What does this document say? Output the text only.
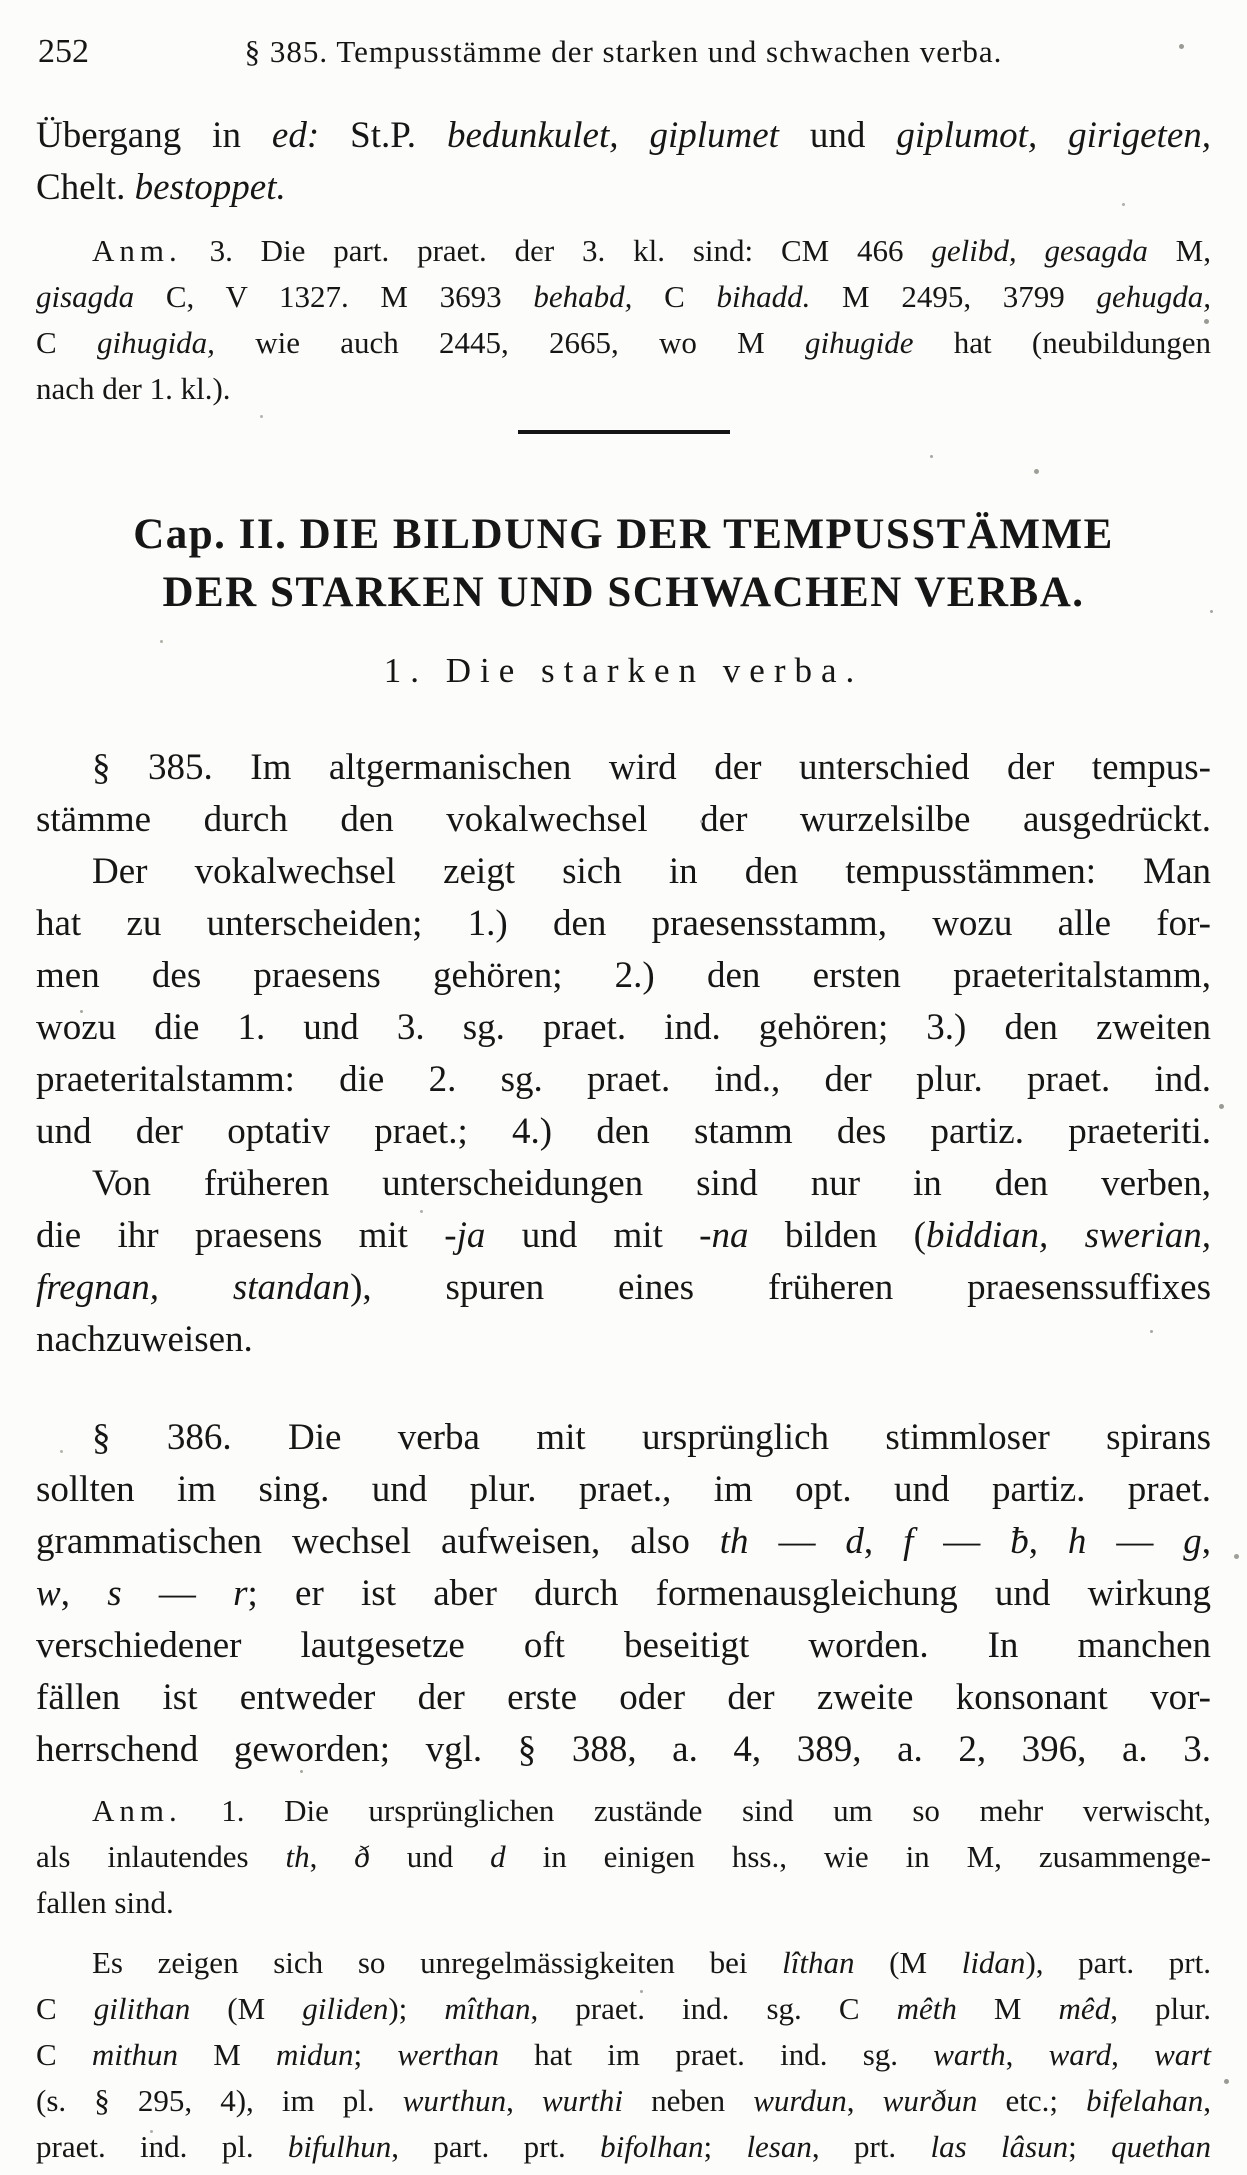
252	§ 385. Tempusstämme der starken und schwachen verba.
Übergang in ed: St.P. bedunkulet, giplumet und giplumot, girigeten,
Chelt. bestoppet.
Anm. 3. Die part. praet. der 3. kl. sind: CM 466 gelibd, gesagda M,
gisagda C, V 1327. M 3693 behabd, C bihadd. M 2495, 3799 gehugda,
C gihugida, wie auch 2445, 2665, wo M gihugide hat (neubildungen
nach der 1. kl.).
Cap. II. DIE BILDUNG DER TEMPUSSTÄMME
DER STARKEN UND SCHWACHEN VERBA.
1. Die starken verba.
§ 385. Im altgermanischen wird der unterschied der tempus-
stämme durch den vokalwechsel der wurzelsilbe ausgedrückt.
Der vokalwechsel zeigt sich in den tempusstämmen: Man
hat zu unterscheiden; 1.) den praesensstamm, wozu alle for-
men des praesens gehören; 2.) den ersten praeteritalstamm,
wozu die 1. und 3. sg. praet. ind. gehören; 3.) den zweiten
praeteritalstamm: die 2. sg. praet. ind., der plur. praet. ind.
und der optativ praet.; 4.) den stamm des partiz. praeteriti.
Von früheren unterscheidungen sind nur in den verben,
die ihr praesens mit -ja und mit -na bilden (biddian, swerian,
fregnan, standan), spuren eines früheren praesenssuffixes
nachzuweisen.
§ 386. Die verba mit ursprünglich stimmloser spirans
sollten im sing. und plur. praet., im opt. und partiz. praet.
grammatischen wechsel aufweisen, also th — d, f — ƀ, h — g,
w, s — r; er ist aber durch formenausgleichung und wirkung
verschiedener lautgesetze oft beseitigt worden. In manchen
fällen ist entweder der erste oder der zweite konsonant vor-
herrschend geworden; vgl. § 388, a. 4, 389, a. 2, 396, a. 3.
Anm. 1. Die ursprünglichen zustände sind um so mehr verwischt,
als inlautendes th, ð und d in einigen hss., wie in M, zusammenge-
fallen sind.
Es zeigen sich so unregelmässigkeiten bei lîthan (M lidan), part. prt.
C gilithan (M giliden); mîthan, praet. ind. sg. C mêth M mêd, plur.
C mithun M midun; werthan hat im praet. ind. sg. warth, ward, wart
(s. § 295, 4), im pl. wurthun, wurthi neben wurdun, wurðun etc.; bifelahan,
praet. ind. pl. bifulhun, part. prt. bifolhan; lesan, prt. las lâsun; quethan
